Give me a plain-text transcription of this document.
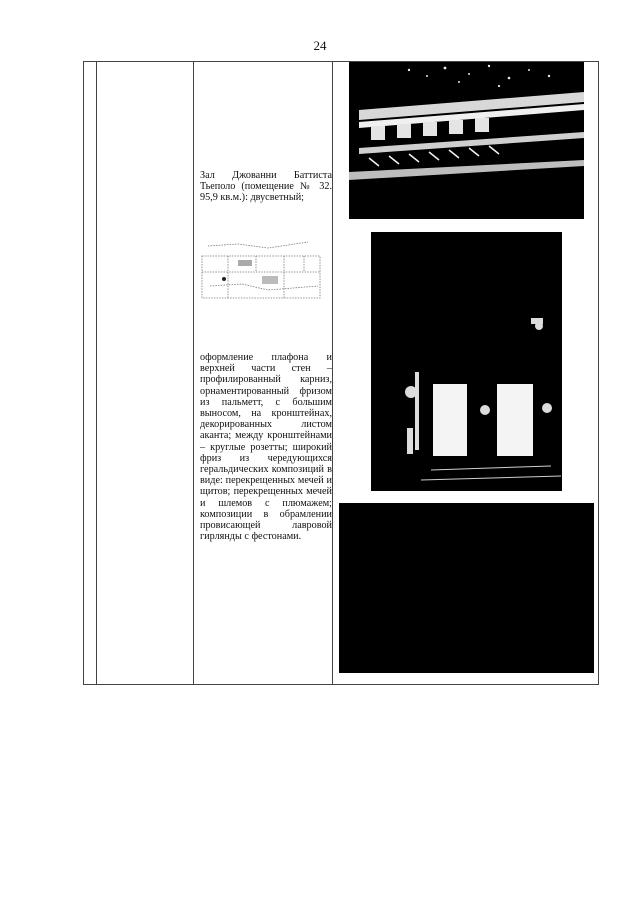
24
Зал Джованни Баттиста Тьеполо (помещение № 32. 95,9 кв.м.): двусветный;
оформление плафона и верхней части стен – профилированный карниз, орнаментированный фризом из пальметт, с большим выносом, на кронштейнах, декорированных листом аканта; между кронштейнами – круглые розетты; широкий фриз из чередующихся геральдических композиций в виде: перекрещенных мечей и щитов; перекрещенных мечей и шлемов с плюмажем; композиции в обрамлении провисающей лавровой гирлянды с фестонами.
